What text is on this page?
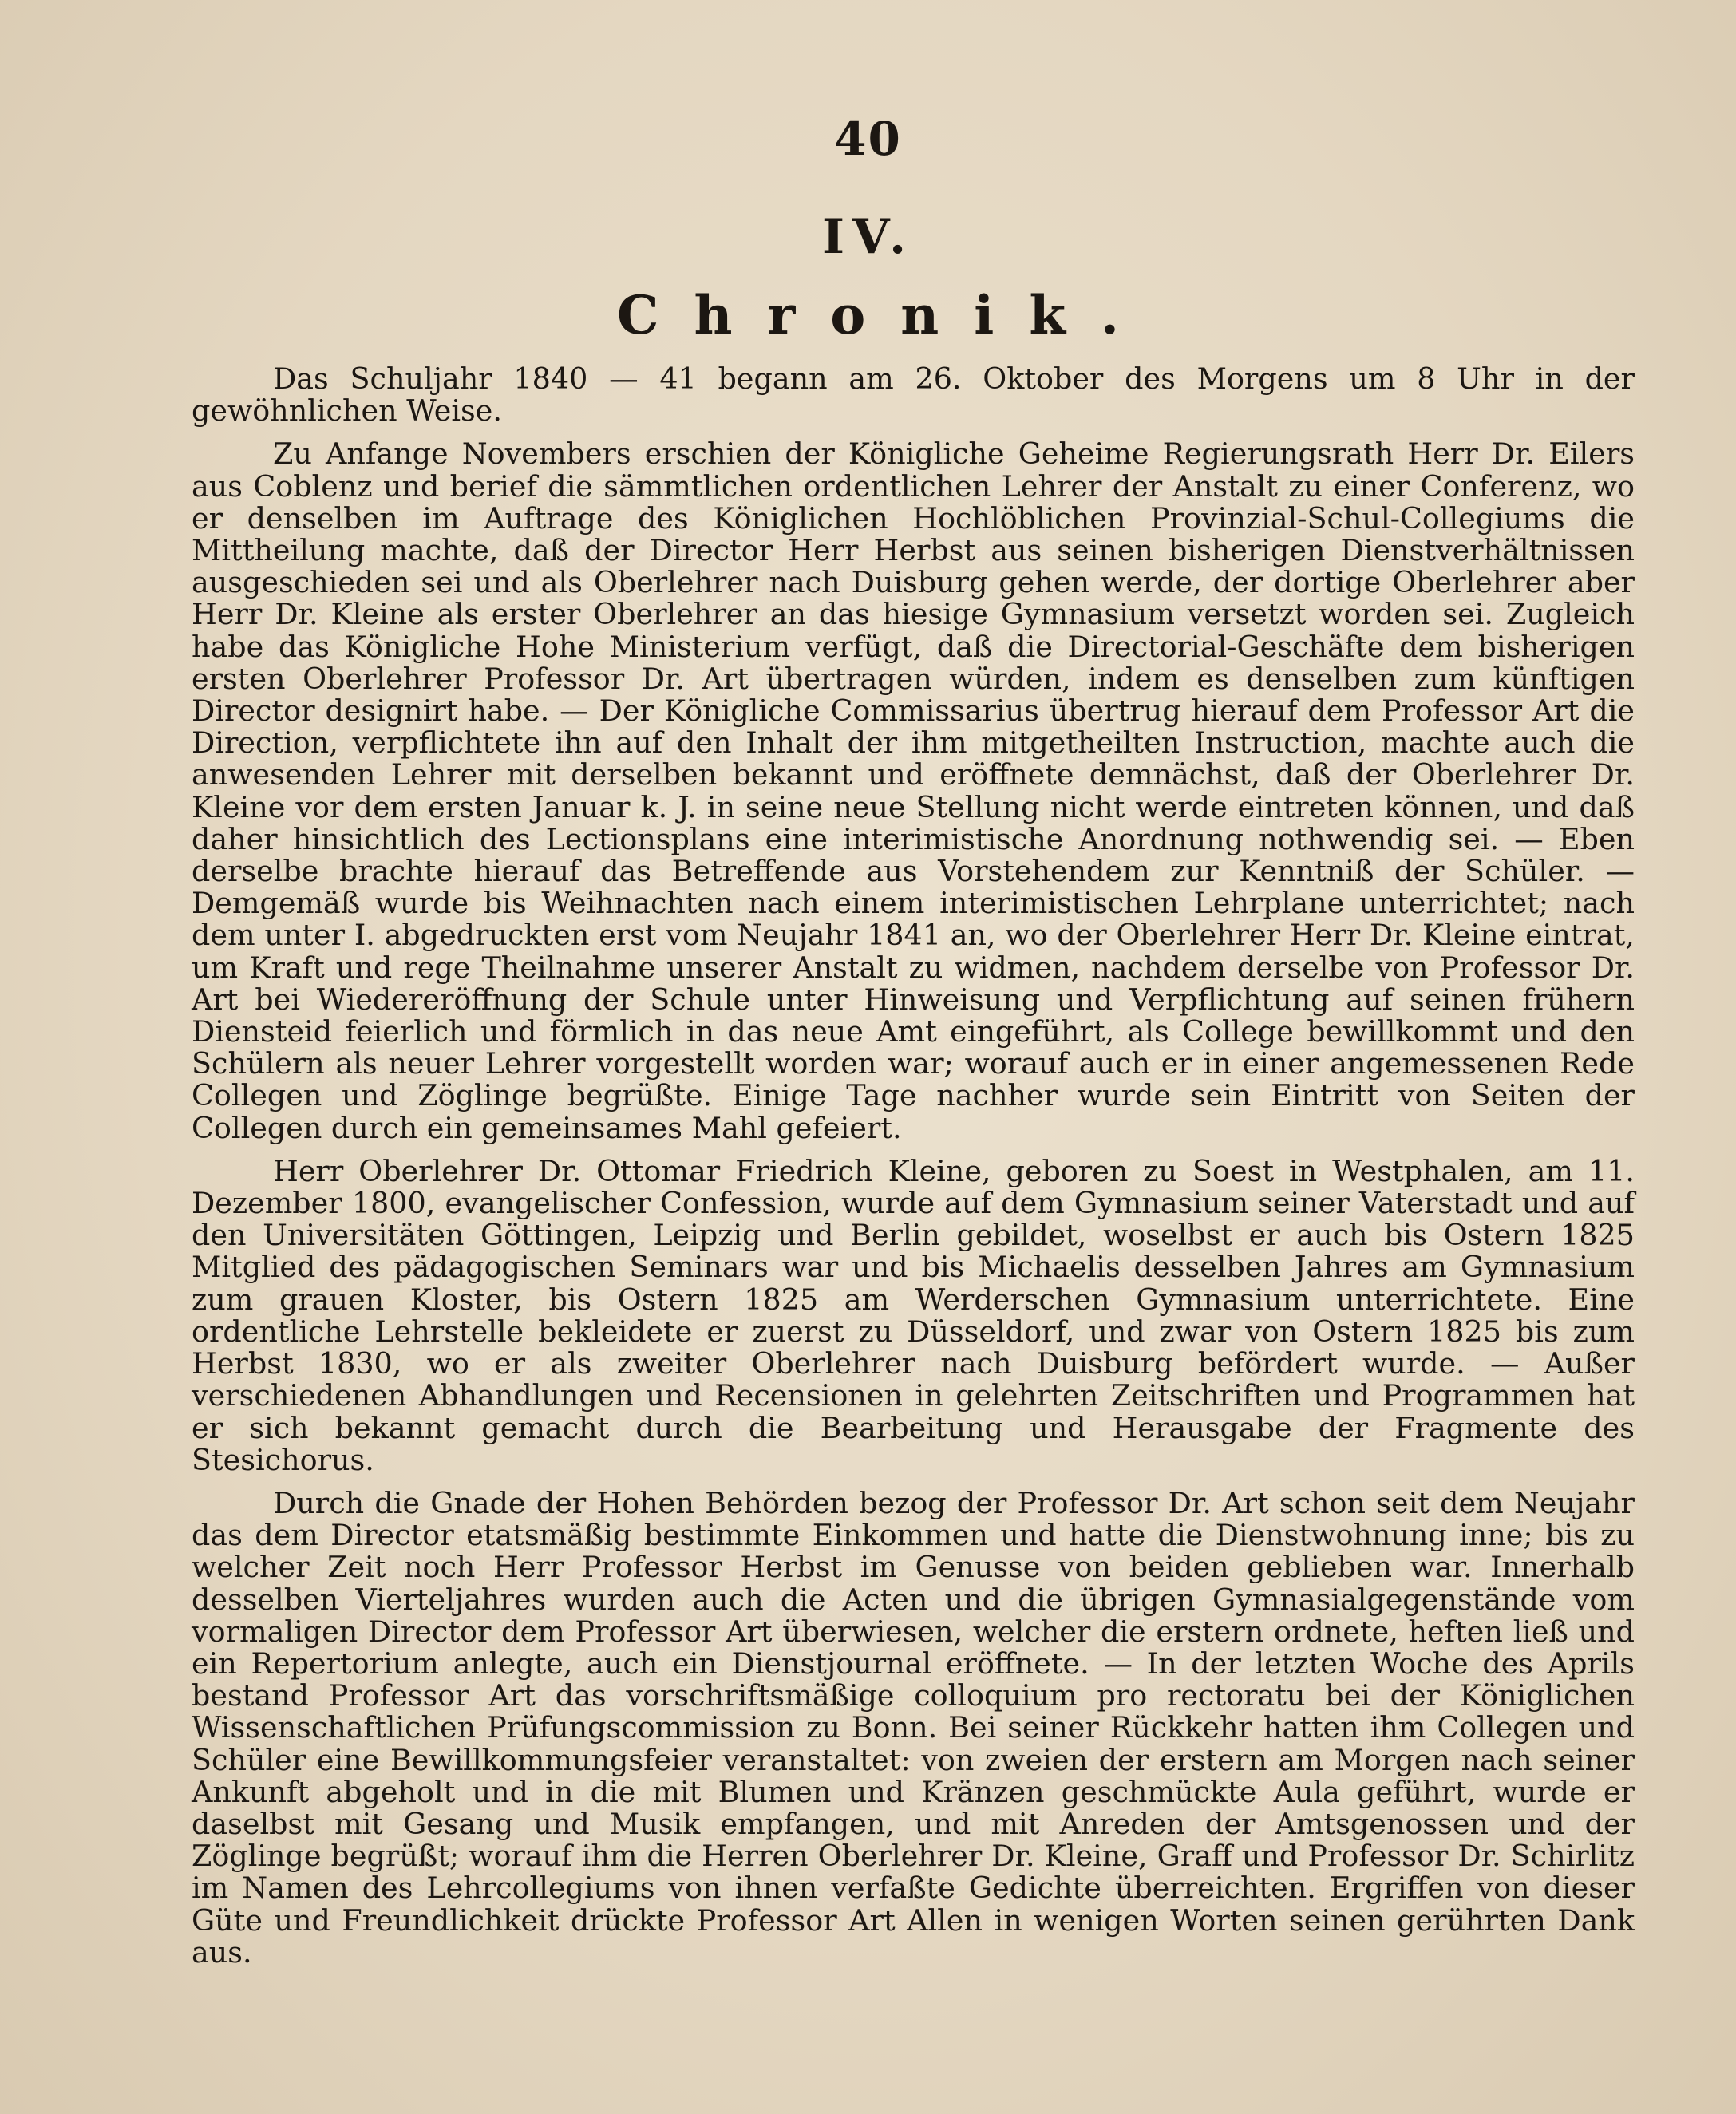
40
IV.
Chronik.

Das Schuljahr 1840 — 41 begann am 26. Oktober des Morgens um 8 Uhr in der gewöhnlichen Weise.

Zu Anfange Novembers erschien der Königliche Geheime Regierungsrath Herr Dr. Eilers aus Coblenz und berief die sämmtlichen ordentlichen Lehrer der Anstalt zu einer Conferenz, wo er denselben im Auftrage des Königlichen Hochlöblichen Provinzial-Schul-Collegiums die Mittheilung machte, daß der Director Herr Herbst aus seinen bisherigen Dienstverhältnissen ausgeschieden sei und als Oberlehrer nach Duisburg gehen werde, der dortige Oberlehrer aber Herr Dr. Kleine als erster Oberlehrer an das hiesige Gymnasium versetzt worden sei. Zugleich habe das Königliche Hohe Ministerium verfügt, daß die Directorial-Geschäfte dem bisherigen ersten Oberlehrer Professor Dr. Art übertragen würden, indem es denselben zum künftigen Director designirt habe. — Der Königliche Commissarius übertrug hierauf dem Professor Art die Direction, verpflichtete ihn auf den Inhalt der ihm mitgetheilten Instruction, machte auch die anwesenden Lehrer mit derselben bekannt und eröffnete demnächst, daß der Oberlehrer Dr. Kleine vor dem ersten Januar k. J. in seine neue Stellung nicht werde eintreten können, und daß daher hinsichtlich des Lectionsplans eine interimistische Anordnung nothwendig sei. — Eben derselbe brachte hierauf das Betreffende aus Vorstehendem zur Kenntniß der Schüler. — Demgemäß wurde bis Weihnachten nach einem interimistischen Lehrplane unterrichtet; nach dem unter I. abgedruckten erst vom Neujahr 1841 an, wo der Oberlehrer Herr Dr. Kleine eintrat, um Kraft und rege Theilnahme unserer Anstalt zu widmen, nachdem derselbe von Professor Dr. Art bei Wiedereröffnung der Schule unter Hinweisung und Verpflichtung auf seinen frühern Diensteid feierlich und förmlich in das neue Amt eingeführt, als College bewillkommt und den Schülern als neuer Lehrer vorgestellt worden war; worauf auch er in einer angemessenen Rede Collegen und Zöglinge begrüßte. Einige Tage nachher wurde sein Eintritt von Seiten der Collegen durch ein gemeinsames Mahl gefeiert.

Herr Oberlehrer Dr. Ottomar Friedrich Kleine, geboren zu Soest in Westphalen, am 11. Dezember 1800, evangelischer Confession, wurde auf dem Gymnasium seiner Vaterstadt und auf den Universitäten Göttingen, Leipzig und Berlin gebildet, woselbst er auch bis Ostern 1825 Mitglied des pädagogischen Seminars war und bis Michaelis desselben Jahres am Gymnasium zum grauen Kloster, bis Ostern 1825 am Werderschen Gymnasium unterrichtete. Eine ordentliche Lehrstelle bekleidete er zuerst zu Düsseldorf, und zwar von Ostern 1825 bis zum Herbst 1830, wo er als zweiter Oberlehrer nach Duisburg befördert wurde. — Außer verschiedenen Abhandlungen und Recensionen in gelehrten Zeitschriften und Programmen hat er sich bekannt gemacht durch die Bearbeitung und Herausgabe der Fragmente des Stesichorus.

Durch die Gnade der Hohen Behörden bezog der Professor Dr. Art schon seit dem Neujahr das dem Director etatsmäßig bestimmte Einkommen und hatte die Dienstwohnung inne; bis zu welcher Zeit noch Herr Professor Herbst im Genusse von beiden geblieben war. Innerhalb desselben Vierteljahres wurden auch die Acten und die übrigen Gymnasialgegenstände vom vormaligen Director dem Professor Art überwiesen, welcher die erstern ordnete, heften ließ und ein Repertorium anlegte, auch ein Dienstjournal eröffnete. — In der letzten Woche des Aprils bestand Professor Art das vorschriftsmäßige colloquium pro rectoratu bei der Königlichen Wissenschaftlichen Prüfungscommission zu Bonn. Bei seiner Rückkehr hatten ihm Collegen und Schüler eine Bewillkommungsfeier veranstaltet: von zweien der erstern am Morgen nach seiner Ankunft abgeholt und in die mit Blumen und Kränzen geschmückte Aula geführt, wurde er daselbst mit Gesang und Musik empfangen, und mit Anreden der Amtsgenossen und der Zöglinge begrüßt; worauf ihm die Herren Oberlehrer Dr. Kleine, Graff und Professor Dr. Schirlitz im Namen des Lehrcollegiums von ihnen verfaßte Gedichte überreichten. Ergriffen von dieser Güte und Freundlichkeit drückte Professor Art Allen in wenigen Worten seinen gerührten Dank aus.
